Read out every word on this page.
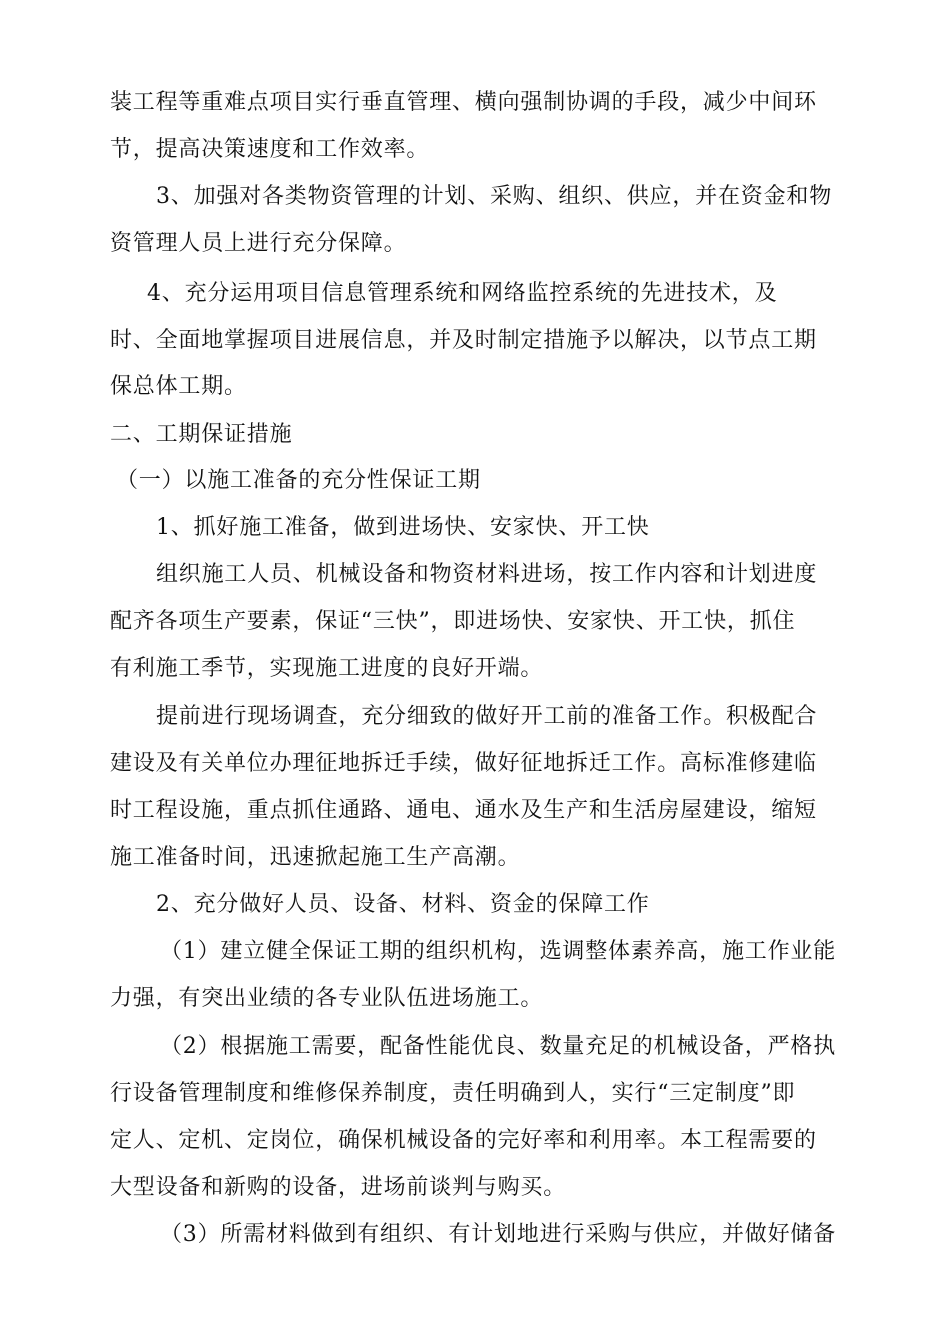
装工程等重难点项目实行垂直管理、横向强制协调的手段，减少中间环
节，提高决策速度和工作效率。
3、加强对各类物资管理的计划、采购、组织、供应，并在资金和物
资管理人员上进行充分保障。
4、充分运用项目信息管理系统和网络监控系统的先进技术，及
时、全面地掌握项目进展信息，并及时制定措施予以解决，以节点工期
保总体工期。
二、工期保证措施
（一）以施工准备的充分性保证工期
1、抓好施工准备，做到进场快、安家快、开工快
组织施工人员、机械设备和物资材料进场，按工作内容和计划进度
配齐各项生产要素，保证“三快”，即进场快、安家快、开工快，抓住
有利施工季节，实现施工进度的良好开端。
提前进行现场调查，充分细致的做好开工前的准备工作。积极配合
建设及有关单位办理征地拆迁手续，做好征地拆迁工作。高标准修建临
时工程设施，重点抓住通路、通电、通水及生产和生活房屋建设，缩短
施工准备时间，迅速掀起施工生产高潮。
2、充分做好人员、设备、材料、资金的保障工作
（1）建立健全保证工期的组织机构，选调整体素养高，施工作业能
力强，有突出业绩的各专业队伍进场施工。
（2）根据施工需要，配备性能优良、数量充足的机械设备，严格执
行设备管理制度和维修保养制度，责任明确到人，实行“三定制度”即
定人、定机、定岗位，确保机械设备的完好率和利用率。本工程需要的
大型设备和新购的设备，进场前谈判与购买。
（3）所需材料做到有组织、有计划地进行采购与供应，并做好储备
